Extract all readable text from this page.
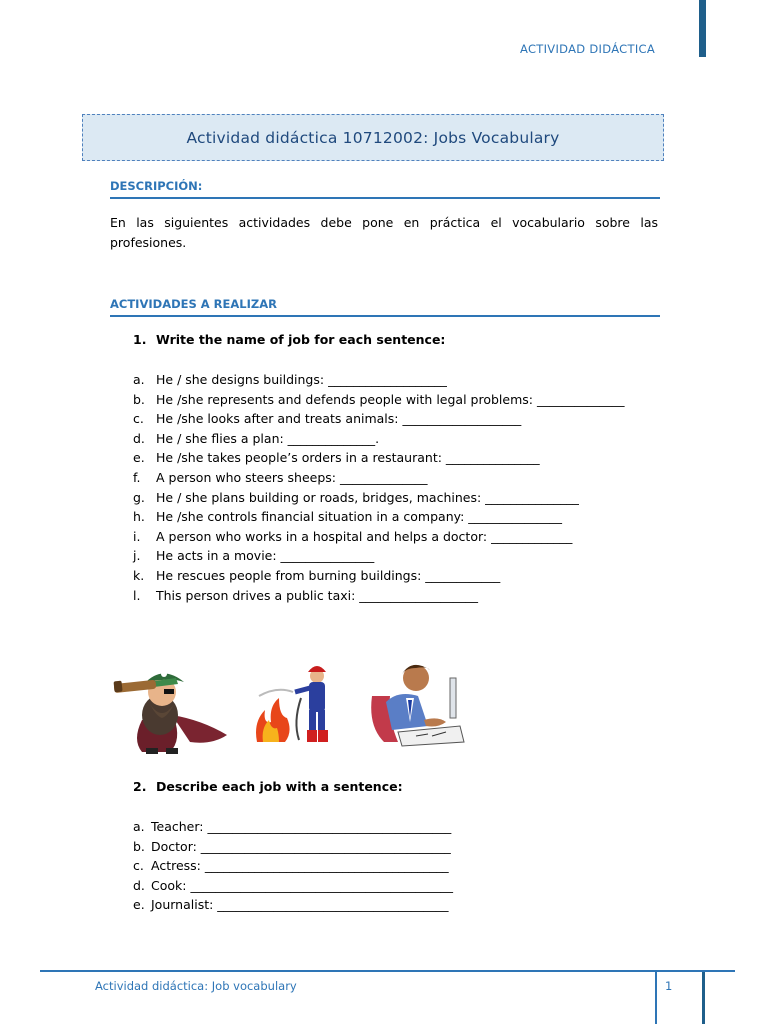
ACTIVIDAD DIDÁCTICA
Actividad didáctica 10712002: Jobs Vocabulary
DESCRIPCIÓN:
En las siguientes actividades debe pone en práctica el vocabulario sobre las
profesiones.
ACTIVIDADES A REALIZAR
1. Write the name of job for each sentence:
a. He / she designs buildings: ___________________
b. He /she represents and defends people with legal problems: ______________
c. He /she looks after and treats animals: ___________________
d. He / she flies a plan: ______________.
e. He /she takes people’s orders in a restaurant: _______________
f. A person who steers sheeps: ______________
g. He / she plans building or roads, bridges, machines: _______________
h. He /she controls financial situation in a company: _______________
i. A person who works in a hospital and helps a doctor: _____________
j. He acts in a movie: _______________
k. He rescues people from burning buildings: ____________
l. This person drives a public taxi: ___________________
2. Describe each job with a sentence:
a. Teacher: _______________________________________
b. Doctor: ________________________________________
c. Actress: _______________________________________
d. Cook: __________________________________________
e. Journalist: _____________________________________
Actividad didáctica: Job vocabulary	1
